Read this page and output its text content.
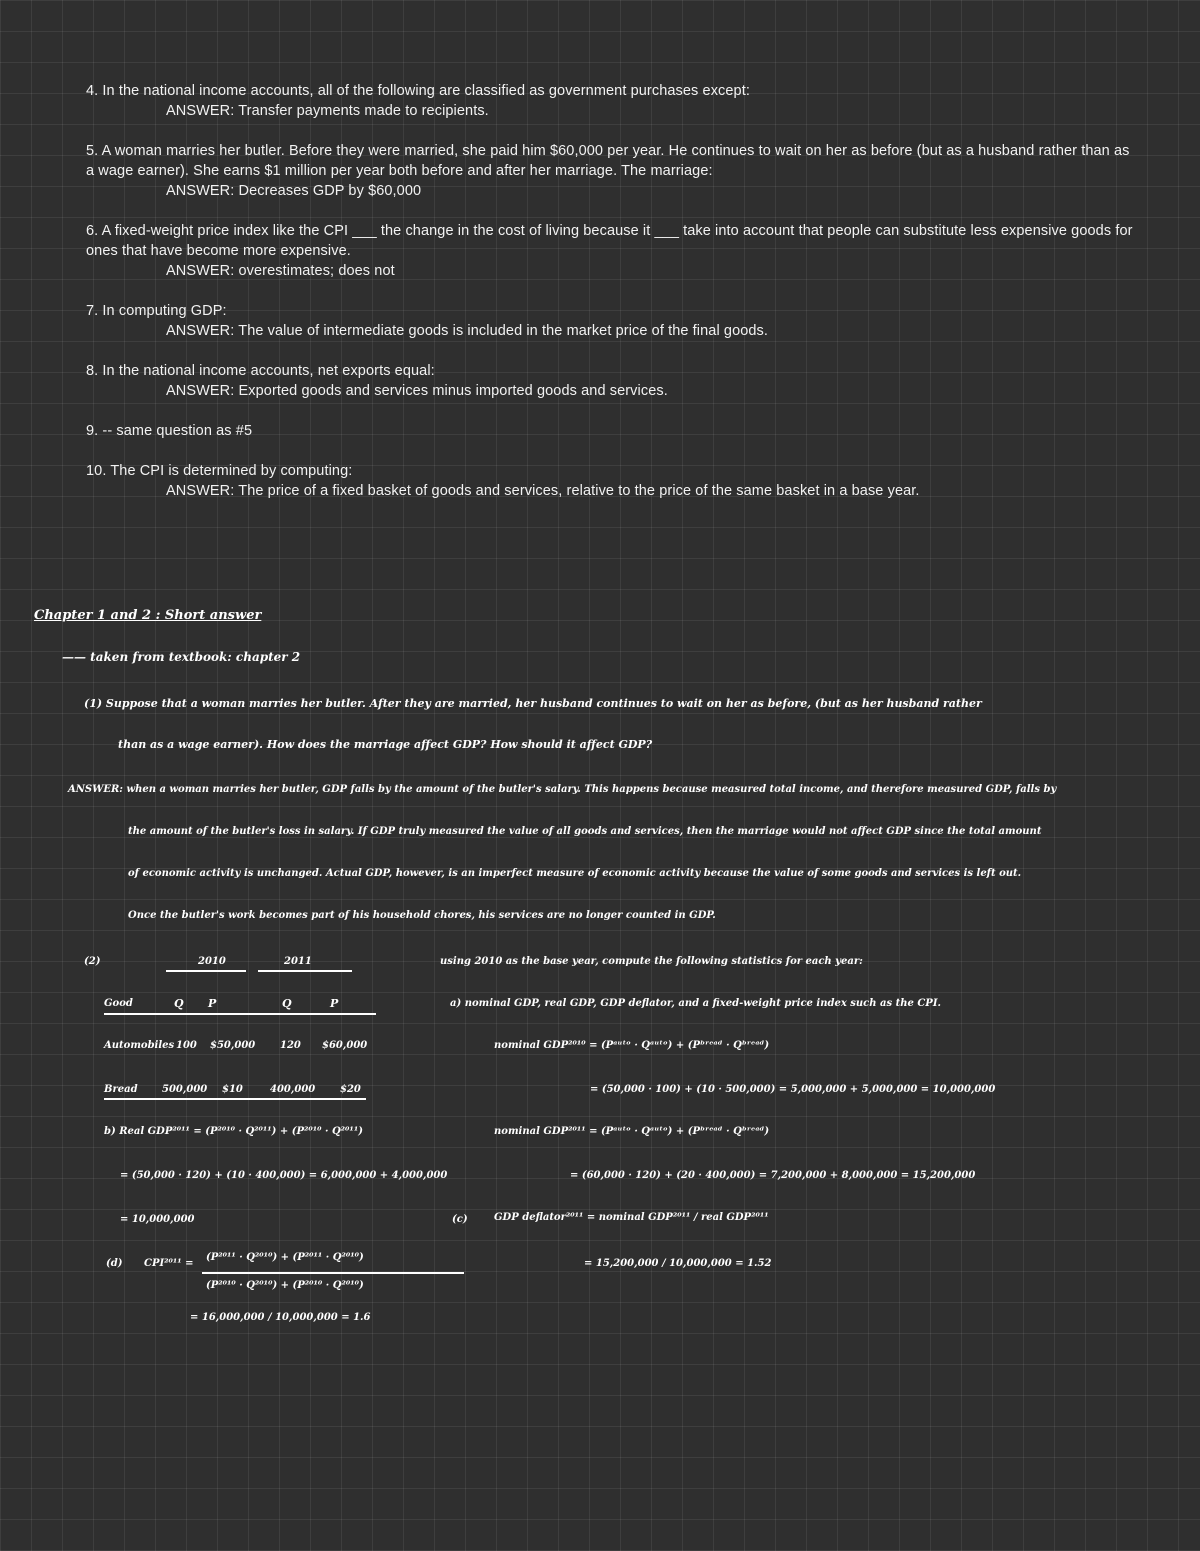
4. In the national income accounts, all of the following are classified as government purchases except:

ANSWER: Transfer payments made to recipients.

5. A woman marries her butler. Before they were married, she paid him $60,000 per year. He continues to wait on her as before (but as a husband rather than as a wage earner). She earns $1 million per year both before and after her marriage. The marriage:

ANSWER: Decreases GDP by $60,000

6. A fixed-weight price index like the CPI ___ the change in the cost of living because it ___ take into account that people can substitute less expensive goods for ones that have become more expensive.

ANSWER: overestimates; does not

7. In computing GDP:

ANSWER: The value of intermediate goods is included in the market price of the final goods.

8. In the national income accounts, net exports equal:

ANSWER: Exported goods and services minus imported goods and services.

9. -- same question as #5

10. The CPI is determined by computing:

ANSWER: The price of a fixed basket of goods and services, relative to the price of the same basket in a base year.

Chapter 1 and 2 : Short answer
—— taken from textbook: chapter 2
(1) Suppose that a woman marries her butler. After they are married, her husband continues to wait on her as before, (but as her husband rather
than as a wage earner). How does the marriage affect GDP? How should it affect GDP?
ANSWER: when a woman marries her butler, GDP falls by the amount of the butler's salary. This happens because measured total income, and therefore measured GDP, falls by
the amount of the butler's loss in salary. If GDP truly measured the value of all goods and services, then the marriage would not affect GDP since the total amount
of economic activity is unchanged. Actual GDP, however, is an imperfect measure of economic activity because the value of some goods and services is left out.
Once the butler's work becomes part of his household chores, his services are no longer counted in GDP.
(2)	2010	2011	using 2010 as the base year, compute the following statistics for each year:
Good	Q P	Q	P	a) nominal GDP, real GDP, GDP deflator, and a fixed-weight price index such as the CPI.
Automobiles 100 $50,000 120 $60,000	nominal GDP²⁰¹⁰ = (Pᵃᵘᵗᵒ · Qᵃᵘᵗᵒ) + (Pᵇʳᵉᵃᵈ · Qᵇʳᵉᵃᵈ)
Bread 500,000 $10	400,000 $20	= (50,000 · 100) + (10 · 500,000) = 5,000,000 + 5,000,000 = 10,000,000
b) Real GDP²⁰¹¹ = (P²⁰¹⁰ · Q²⁰¹¹) + (P²⁰¹⁰ · Q²⁰¹¹)	nominal GDP²⁰¹¹ = (Pᵃᵘᵗᵒ · Qᵃᵘᵗᵒ) + (Pᵇʳᵉᵃᵈ · Qᵇʳᵉᵃᵈ)
= (50,000 · 120) + (10 · 400,000) = 6,000,000 + 4,000,000	= (60,000 · 120) + (20 · 400,000) = 7,200,000 + 8,000,000 = 15,200,000
= 10,000,000	(c)	GDP deflator²⁰¹¹ = nominal GDP²⁰¹¹ / real GDP²⁰¹¹
(d) CPI²⁰¹¹ =
(P²⁰¹¹ · Q²⁰¹⁰) + (P²⁰¹¹ · Q²⁰¹⁰)
(P²⁰¹⁰ · Q²⁰¹⁰) + (P²⁰¹⁰ · Q²⁰¹⁰)
= 15,200,000 / 10,000,000 = 1.52
= 16,000,000 / 10,000,000 = 1.6
